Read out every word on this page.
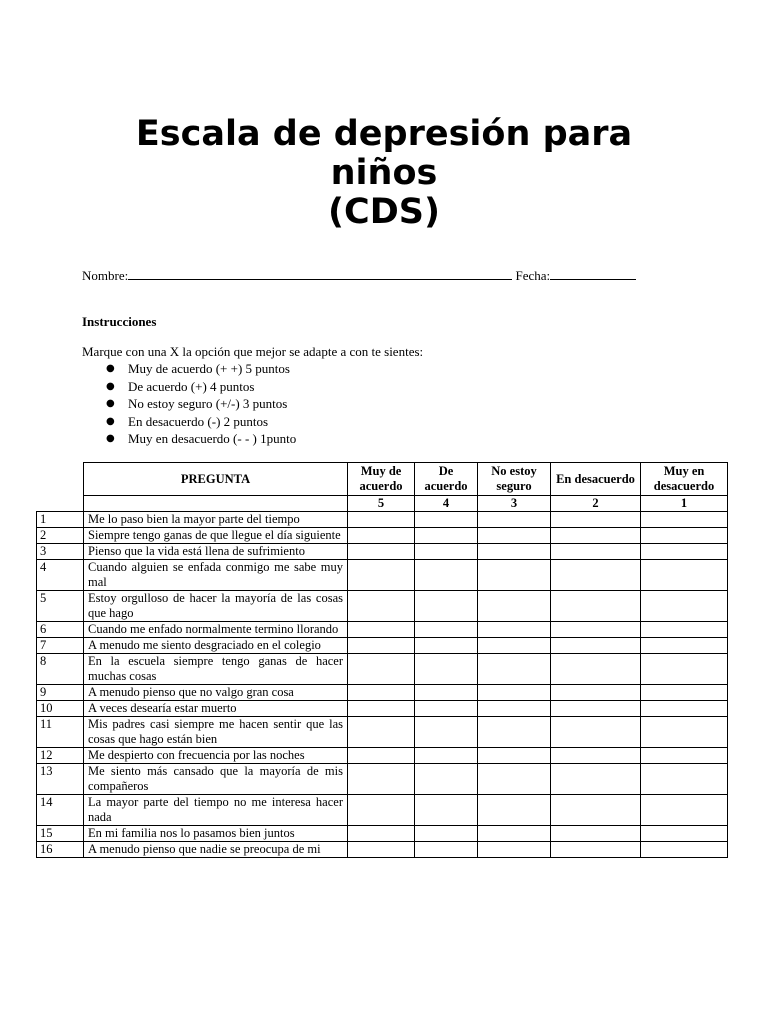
Escala de depresión para
niños
(CDS)
Nombre:	Fecha:
Instrucciones
Marque con una X la opción que mejor se adapte a con te sientes:
● Muy de acuerdo (+ +) 5 puntos
● De acuerdo (+) 4 puntos
● No estoy seguro (+/-) 3 puntos
● En desacuerdo (-) 2 puntos
● Muy en desacuerdo (- - ) 1punto
	PREGUNTA	Muy de acuerdo	De acuerdo	No estoy seguro	En desacuerdo	Muy en desacuerdo
		5	4	3	2	1
1	Me lo paso bien la mayor parte del tiempo					
2	Siempre tengo ganas de que llegue el día siguiente					
3	Pienso que la vida está llena de sufrimiento					
4	Cuando alguien se enfada conmigo me sabe muy mal					
5	Estoy orgulloso de hacer la mayoría de las cosas que hago					
6	Cuando me enfado normalmente termino llorando					
7	A menudo me siento desgraciado en el colegio					
8	En la escuela siempre tengo ganas de hacer muchas cosas					
9	A menudo pienso que no valgo gran cosa					
10	A veces desearía estar muerto					
11	Mis padres casi siempre me hacen sentir que las cosas que hago están bien					
12	Me despierto con frecuencia por las noches					
13	Me siento más cansado que la mayoría de mis compañeros					
14	La mayor parte del tiempo no me interesa hacer nada					
15	En mi familia nos lo pasamos bien juntos					
16	A menudo pienso que nadie se preocupa de mi					
